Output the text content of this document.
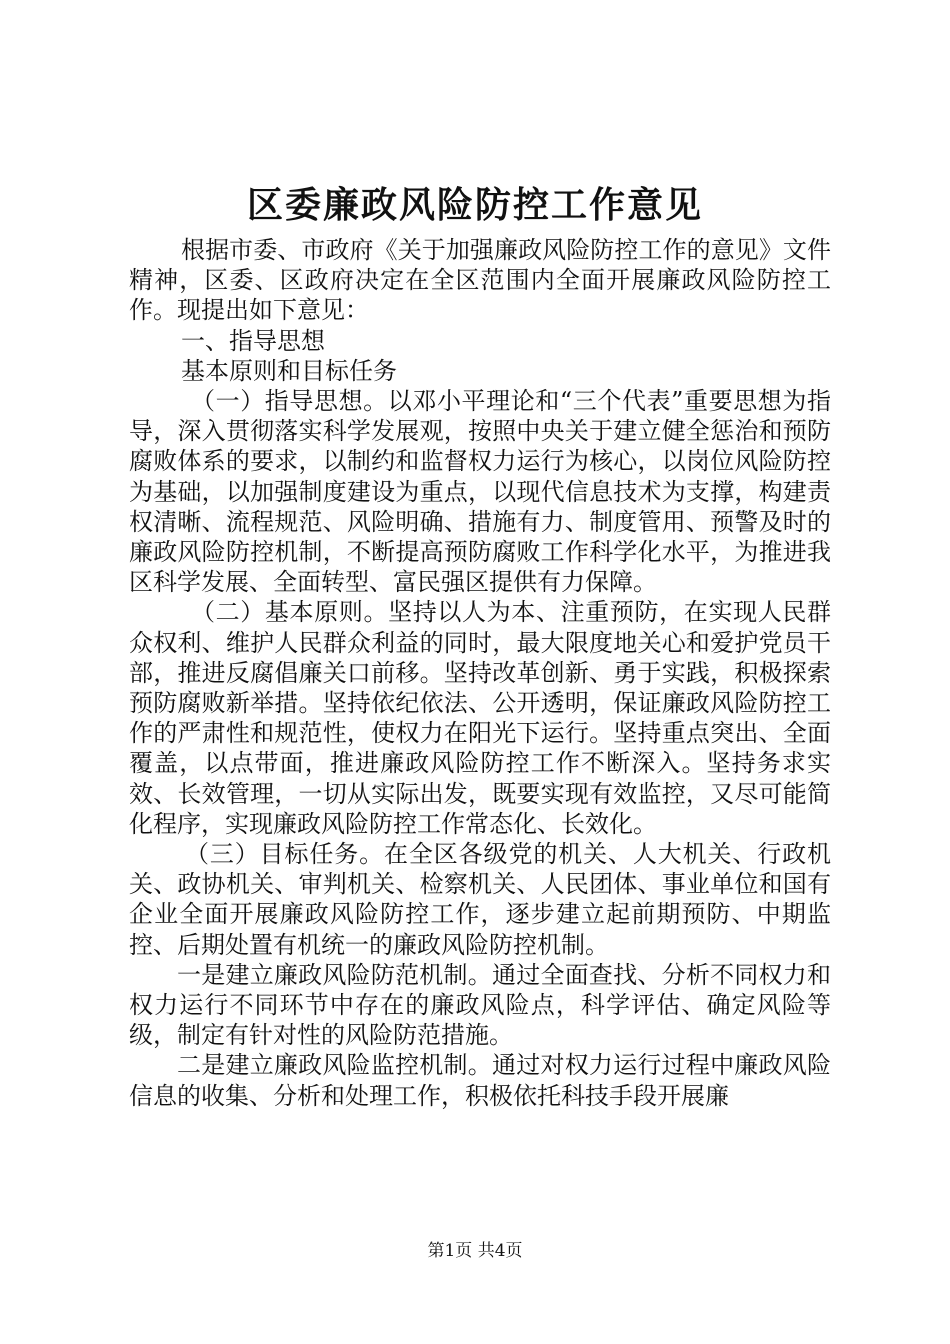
区委廉政风险防控工作意见

根据市委、市政府《关于加强廉政风险防控工作的意见》文件精神，区委、区政府决定在全区范围内全面开展廉政风险防控工作。现提出如下意见：

一、指导思想

基本原则和目标任务

（一）指导思想。以邓小平理论和“三个代表”重要思想为指导，深入贯彻落实科学发展观，按照中央关于建立健全惩治和预防腐败体系的要求，以制约和监督权力运行为核心，以岗位风险防控为基础，以加强制度建设为重点，以现代信息技术为支撑，构建责权清晰、流程规范、风险明确、措施有力、制度管用、预警及时的廉政风险防控机制，不断提高预防腐败工作科学化水平，为推进我区科学发展、全面转型、富民强区提供有力保障。

（二）基本原则。坚持以人为本、注重预防，在实现人民群众权利、维护人民群众利益的同时，最大限度地关心和爱护党员干部，推进反腐倡廉关口前移。坚持改革创新、勇于实践，积极探索预防腐败新举措。坚持依纪依法、公开透明，保证廉政风险防控工作的严肃性和规范性，使权力在阳光下运行。坚持重点突出、全面覆盖，以点带面，推进廉政风险防控工作不断深入。坚持务求实效、长效管理，一切从实际出发，既要实现有效监控，又尽可能简化程序，实现廉政风险防控工作常态化、长效化。

（三）目标任务。在全区各级党的机关、人大机关、行政机关、政协机关、审判机关、检察机关、人民团体、事业单位和国有企业全面开展廉政风险防控工作，逐步建立起前期预防、中期监控、后期处置有机统一的廉政风险防控机制。

一是建立廉政风险防范机制。通过全面查找、分析不同权力和权力运行不同环节中存在的廉政风险点，科学评估、确定风险等级，制定有针对性的风险防范措施。

二是建立廉政风险监控机制。通过对权力运行过程中廉政风险信息的收集、分析和处理工作，积极依托科技手段开展廉

第1页 共4页
